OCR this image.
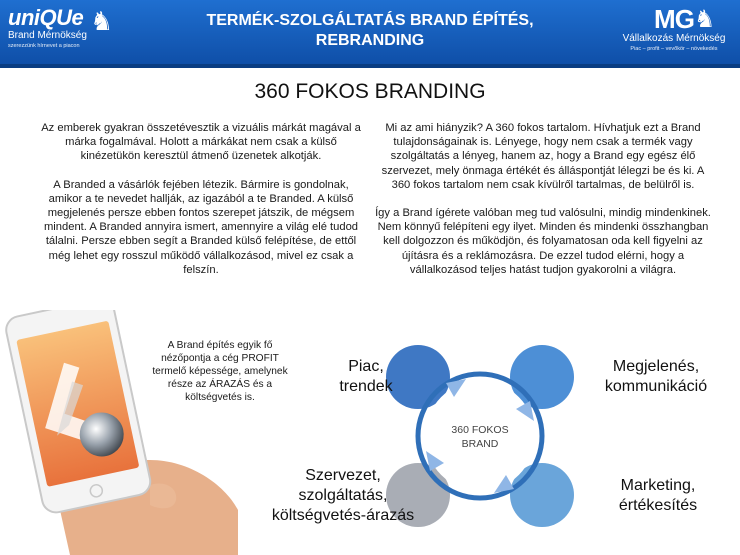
uniQUe
Brand Mérnökség
szerezzünk hírnevet a piacon
♞	TERMÉK-SZOLGÁLTATÁS BRAND ÉPÍTÉS,
REBRANDING
MG
Vállalkozás Mérnökség
Piac – profit – vevőkör – növekedés
♞
360 FOKOS BRANDING

Az emberek gyakran összetévesztik a vizuális márkát magával a márka fogalmával. Holott a márkákat nem csak a külső kinézetükön keresztül átmenő üzenetek alkotják.

A Branded a vásárlók fejében létezik. Bármire is gondolnak, amikor a te nevedet hallják, az igazából a te Branded. A külső megjelenés persze ebben fontos szerepet játszik, de mégsem mindent. A Branded annyira ismert, amennyire a világ elé tudod tálalni. Persze ebben segít a Branded külső felépítése, de ettől még lehet egy rosszul működő vállalkozásod, mivel ez csak a felszín.

Mi az ami hiányzik? A 360 fokos tartalom. Hívhatjuk ezt a Brand tulajdonságainak is. Lényege, hogy nem csak a termék vagy szolgáltatás a lényeg, hanem az, hogy a Brand egy egész élő szervezet, mely önmaga értékét és álláspontját lélegzi be és ki. A 360 fokos tartalom nem csak kívülről tartalmas, de belülről is.

Így a Brand ígérete valóban meg tud valósulni, mindig mindenkinek. Nem könnyű felépíteni egy ilyet. Minden és mindenki összhangban kell dolgozzon és működjön, és folyamatosan oda kell figyelni az újításra és a reklámozásra. De ezzel tudod elérni, hogy a vállalkozásod teljes hatást tudjon gyakorolni a világra.

A Brand építés egyik fő nézőpontja a cég PROFIT termelő képessége, amelynek része az ÁRAZÁS és a költségvetés is.
360 FOKOS
BRAND
Piac,
trendek
Megjelenés,
kommunikáció
Szervezet,
szolgáltatás,
költségvetés-árazás
Marketing,
értékesítés
